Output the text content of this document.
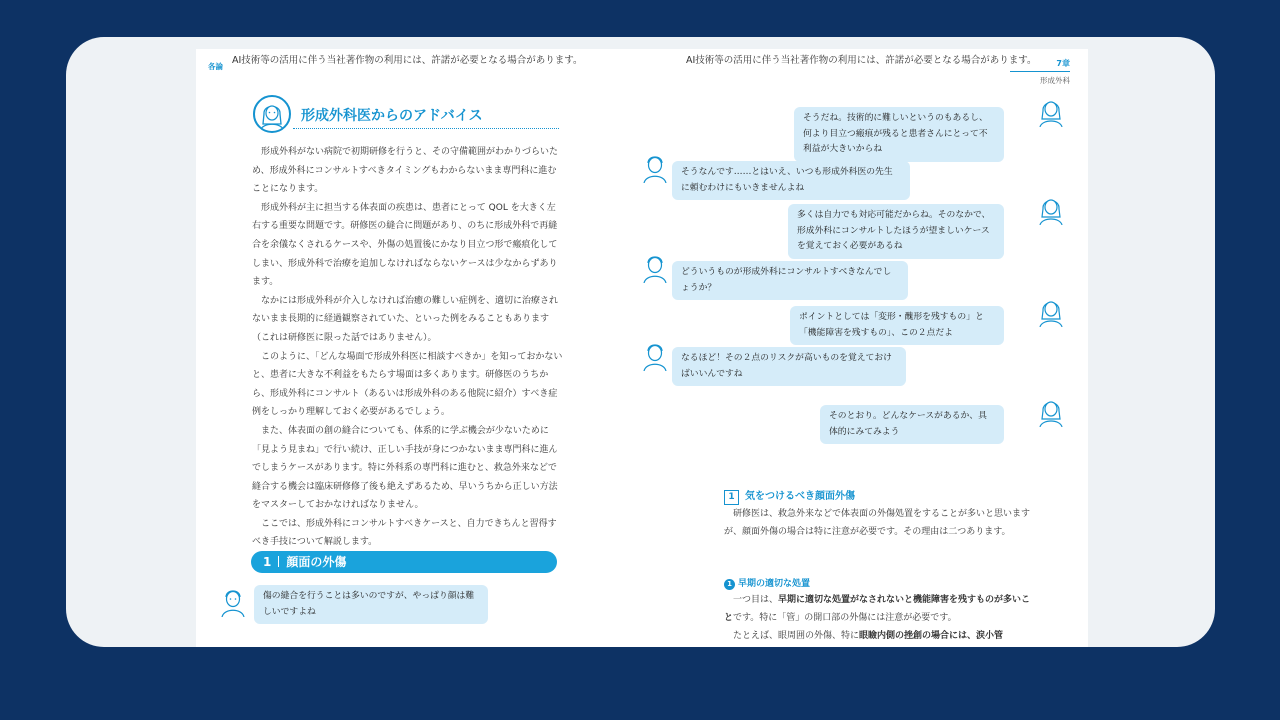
各論
AI技術等の活用に伴う当社著作物の利用には、許諾が必要となる場合があります。
形成外科医からのアドバイス

形成外科がない病院で初期研修を行うと、その守備範囲がわかりづらいため、形成外科にコンサルトすべきタイミングもわからないまま専門科に進むことになります。

形成外科が主に担当する体表面の疾患は、患者にとって QOL を大きく左右する重要な問題です。研修医の縫合に問題があり、のちに形成外科で再縫合を余儀なくされるケースや、外傷の処置後にかなり目立つ形で瘢痕化してしまい、形成外科で治療を追加しなければならないケースは少なからずあります。

なかには形成外科が介入しなければ治癒の難しい症例を、適切に治療されないまま長期的に経過観察されていた、といった例をみることもあります（これは研修医に限った話ではありません）。

このように、「どんな場面で形成外科医に相談すべきか」を知っておかないと、患者に大きな不利益をもたらす場面は多くあります。研修医のうちから、形成外科にコンサルト（あるいは形成外科のある他院に紹介）すべき症例をしっかり理解しておく必要があるでしょう。

また、体表面の創の縫合についても、体系的に学ぶ機会が少ないために「見よう見まね」で行い続け、正しい手技が身につかないまま専門科に進んでしまうケースがあります。特に外科系の専門科に進むと、救急外来などで縫合する機会は臨床研修修了後も絶えずあるため、早いうちから正しい方法をマスターしておかなければなりません。

ここでは、形成外科にコンサルトすべきケースと、自力できちんと習得すべき手技について解説します。

1 顔面の外傷
傷の縫合を行うことは多いのですが、やっぱり顔は難しいですよね
AI技術等の活用に伴う当社著作物の利用には、許諾が必要となる場合があります。	7章
形成外科
そうだね。技術的に難しいというのもあるし、何より目立つ瘢痕が残ると患者さんにとって不利益が大きいからね
そうなんです……とはいえ、いつも形成外科医の先生に頼むわけにもいきませんよね
多くは自力でも対応可能だからね。そのなかで、形成外科にコンサルトしたほうが望ましいケースを覚えておく必要があるね
どういうものが形成外科にコンサルトすべきなんでしょうか？
ポイントとしては「変形・醜形を残すもの」と「機能障害を残すもの」、この２点だよ
なるほど！その２点のリスクが高いものを覚えておけばいいんですね
そのとおり。どんなケースがあるか、具体的にみてみよう
1 気をつけるべき顔面外傷

研修医は、救急外来などで体表面の外傷処置をすることが多いと思いますが、顔面外傷の場合は特に注意が必要です。その理由は二つあります。

1 早期の適切な処置

一つ目は、早期に適切な処置がなされないと機能障害を残すものが多いことです。特に「管」の開口部の外傷には注意が必要です。

たとえば、眼周囲の外傷、特に眼瞼内側の挫創の場合には、涙小管
